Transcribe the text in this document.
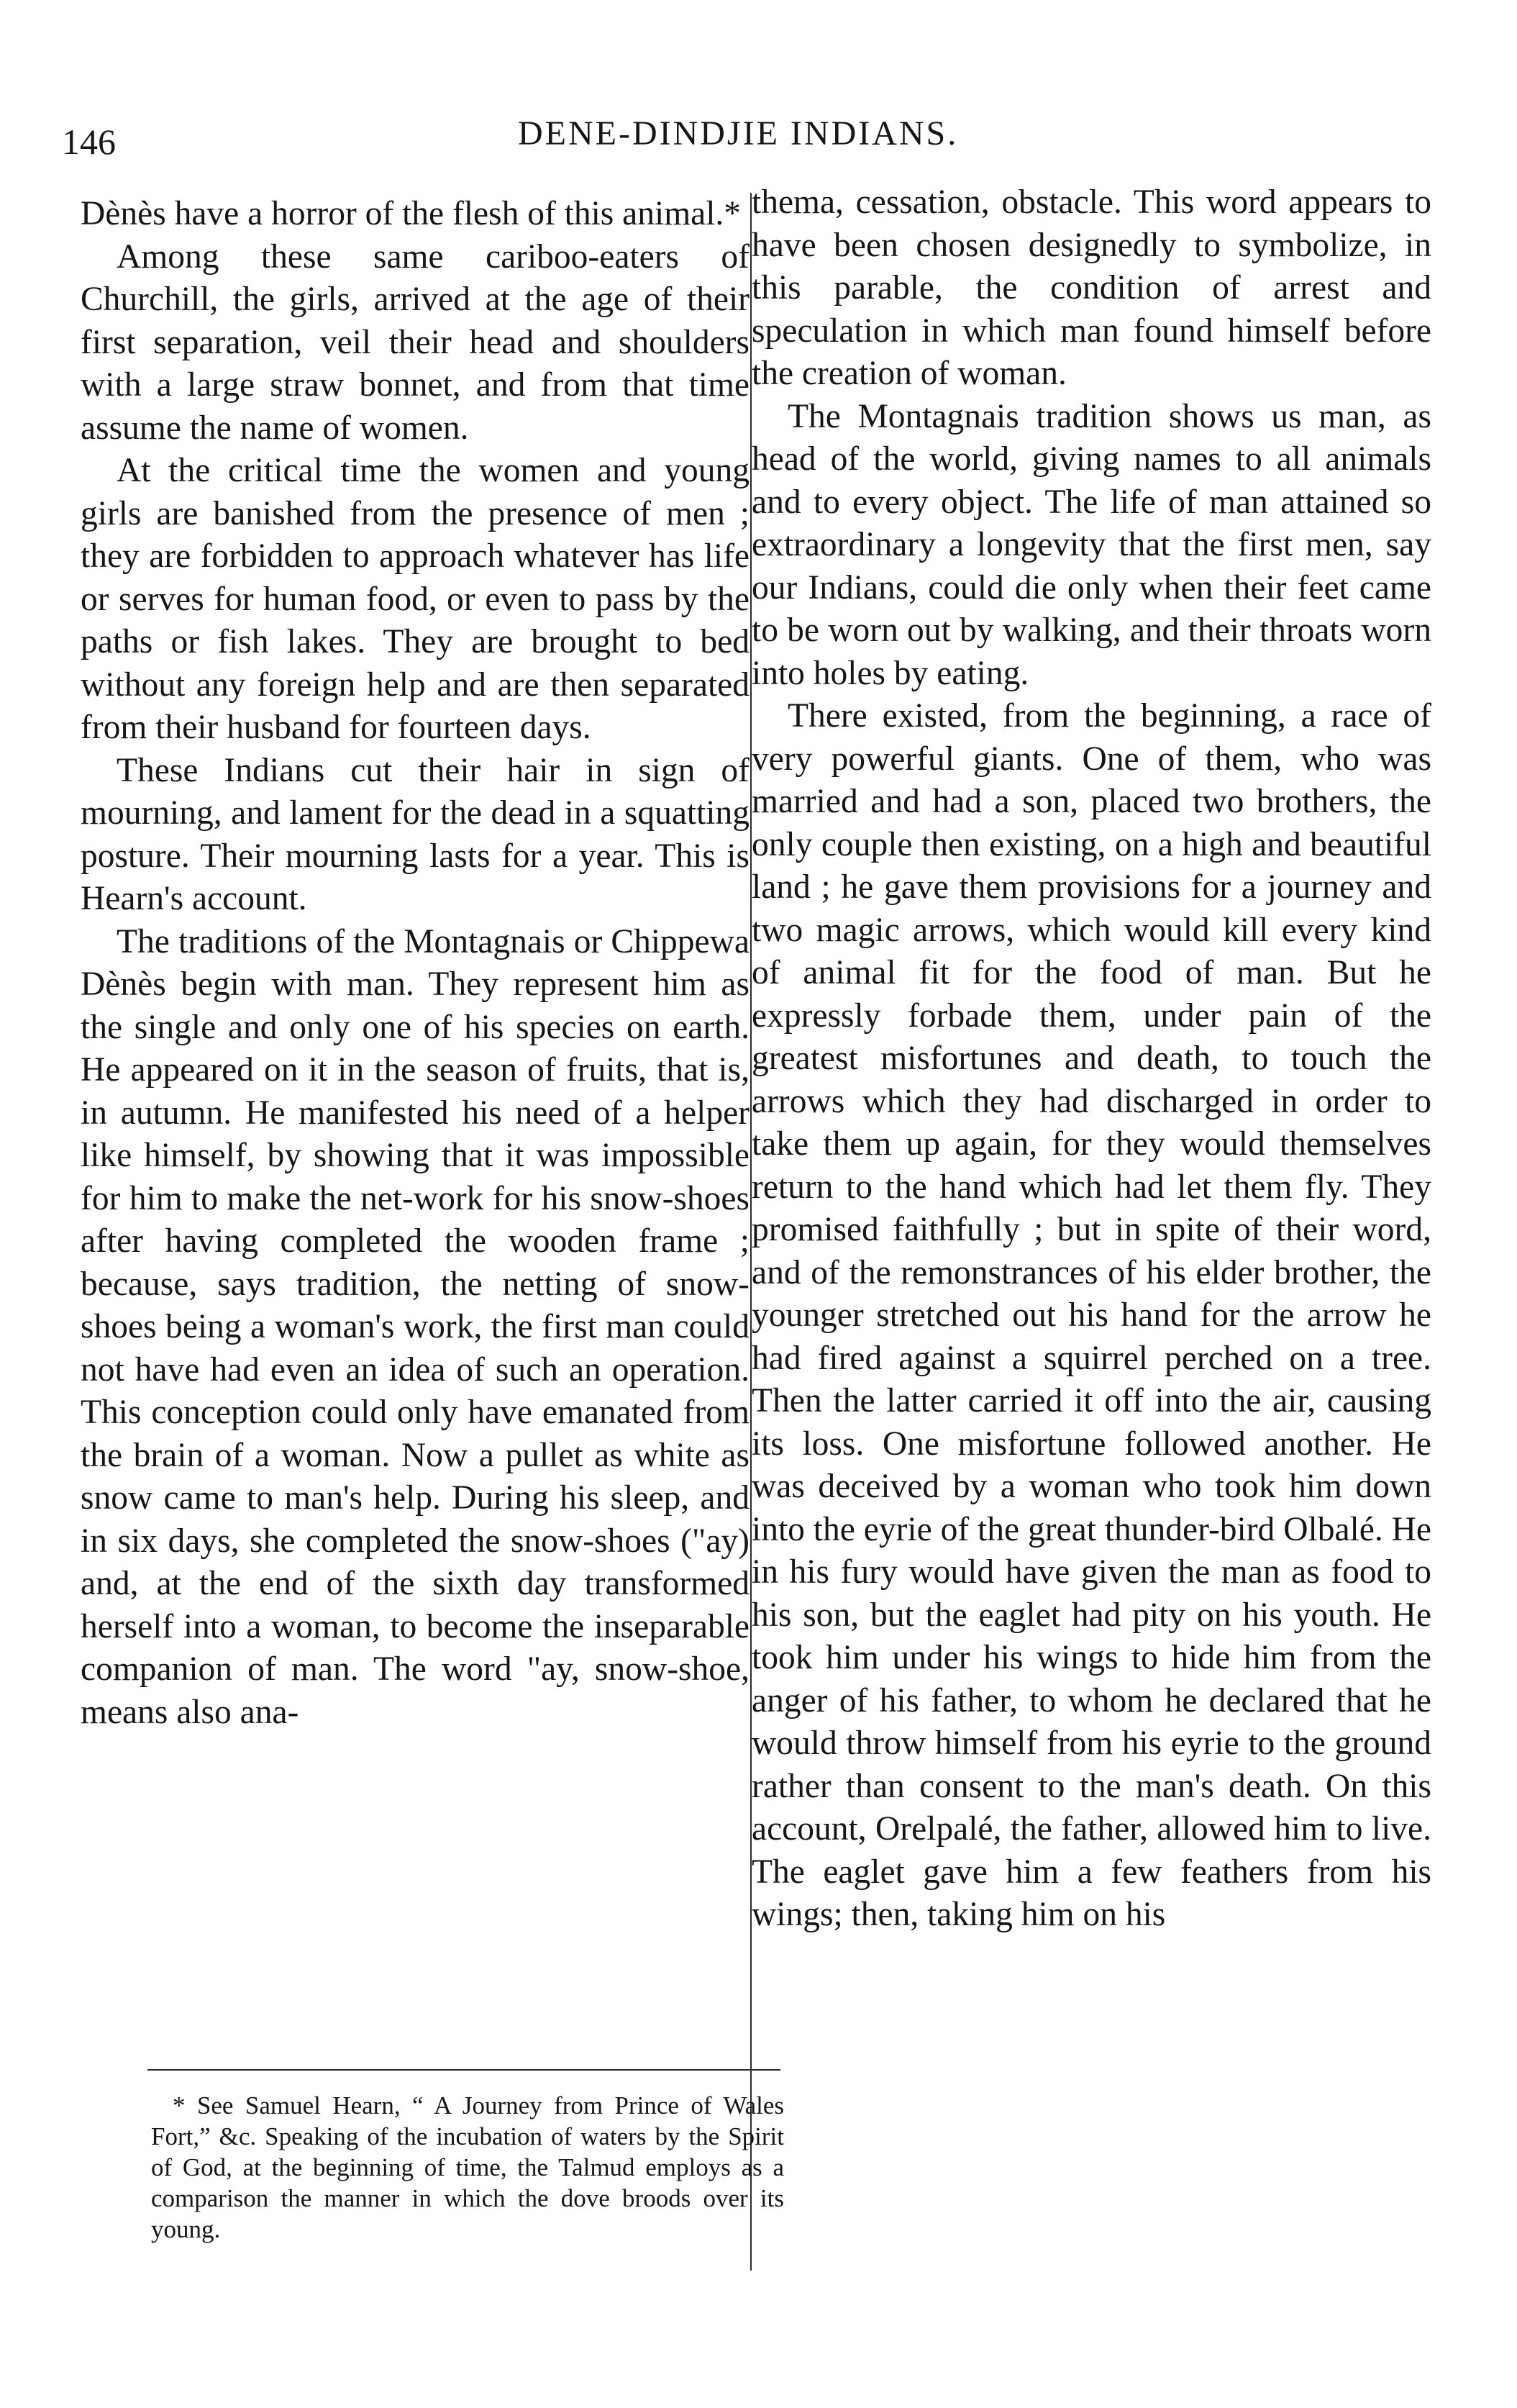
146	DENE-DINDJIE INDIANS.

Dènès have a horror of the flesh of this animal.*

Among these same cariboo-eaters of Churchill, the girls, arrived at the age of their first separation, veil their head and shoulders with a large straw bonnet, and from that time assume the name of women.

At the critical time the women and young girls are banished from the presence of men ; they are forbidden to approach whatever has life or serves for human food, or even to pass by the paths or fish lakes. They are brought to bed without any foreign help and are then separated from their husband for fourteen days.

These Indians cut their hair in sign of mourning, and lament for the dead in a squatting posture. Their mourning lasts for a year. This is Hearn's account.

The traditions of the Montagnais or Chippewa Dènès begin with man. They represent him as the single and only one of his species on earth. He appeared on it in the season of fruits, that is, in autumn. He manifested his need of a helper like himself, by showing that it was impossible for him to make the net-work for his snow-shoes after having completed the wooden frame ; because, says tradition, the netting of snow-shoes being a woman's work, the first man could not have had even an idea of such an operation. This conception could only have emanated from the brain of a woman. Now a pullet as white as snow came to man's help. During his sleep, and in six days, she completed the snow-shoes ("ay) and, at the end of the sixth day transformed herself into a woman, to become the inseparable companion of man. The word "ay, snow-shoe, means also ana-

thema, cessation, obstacle. This word appears to have been chosen designedly to symbolize, in this parable, the condition of arrest and speculation in which man found himself before the creation of woman.

The Montagnais tradition shows us man, as head of the world, giving names to all animals and to every object. The life of man attained so extraordinary a longevity that the first men, say our Indians, could die only when their feet came to be worn out by walking, and their throats worn into holes by eating.

There existed, from the beginning, a race of very powerful giants. One of them, who was married and had a son, placed two brothers, the only couple then existing, on a high and beautiful land ; he gave them provisions for a journey and two magic arrows, which would kill every kind of animal fit for the food of man. But he expressly forbade them, under pain of the greatest misfortunes and death, to touch the arrows which they had discharged in order to take them up again, for they would themselves return to the hand which had let them fly. They promised faithfully ; but in spite of their word, and of the remonstrances of his elder brother, the younger stretched out his hand for the arrow he had fired against a squirrel perched on a tree. Then the latter carried it off into the air, causing its loss. One misfortune followed another. He was deceived by a woman who took him down into the eyrie of the great thunder-bird Olbalé. He in his fury would have given the man as food to his son, but the eaglet had pity on his youth. He took him under his wings to hide him from the anger of his father, to whom he declared that he would throw himself from his eyrie to the ground rather than consent to the man's death. On this account, Orelpalé, the father, allowed him to live. The eaglet gave him a few feathers from his wings; then, taking him on his

* See Samuel Hearn, “ A Journey from Prince of Wales Fort,” &c. Speaking of the incubation of waters by the Spirit of God, at the beginning of time, the Talmud employs as a comparison the manner in which the dove broods over its young.
